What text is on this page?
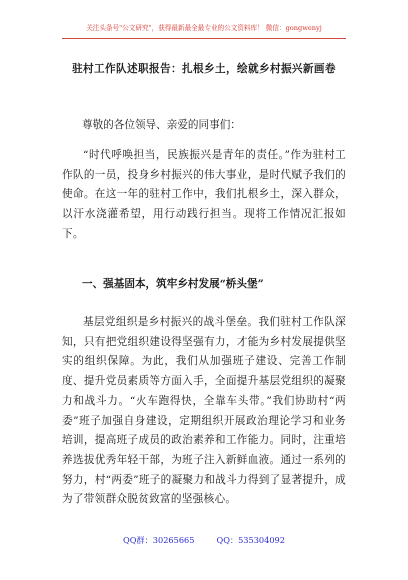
关注头条号"公文研究"，获得最新最全最专业的公文资料库！ 微信：gongwenyj
驻村工作队述职报告：扎根乡土，绘就乡村振兴新画卷
尊敬的各位领导、亲爱的同事们：

“时代呼唤担当，民族振兴是青年的责任。”作为驻村工作队的一员，投身乡村振兴的伟大事业，是时代赋予我们的使命。在这一年的驻村工作中，我们扎根乡土，深入群众，以汗水浇灌希望，用行动践行担当。现将工作情况汇报如下。

一、强基固本，筑牢乡村发展“桥头堡”

基层党组织是乡村振兴的战斗堡垒。我们驻村工作队深知，只有把党组织建设得坚强有力，才能为乡村发展提供坚实的组织保障。为此，我们从加强班子建设、完善工作制度、提升党员素质等方面入手，全面提升基层党组织的凝聚力和战斗力。“火车跑得快，全靠车头带。”我们协助村“两委”班子加强自身建设，定期组织开展政治理论学习和业务培训，提高班子成员的政治素养和工作能力。同时，注重培养选拔优秀年轻干部，为班子注入新鲜血液。通过一系列的努力，村“两委”班子的凝聚力和战斗力得到了显著提升，成为了带领群众脱贫致富的坚强核心。

QQ群：30265665	QQ：535304092
